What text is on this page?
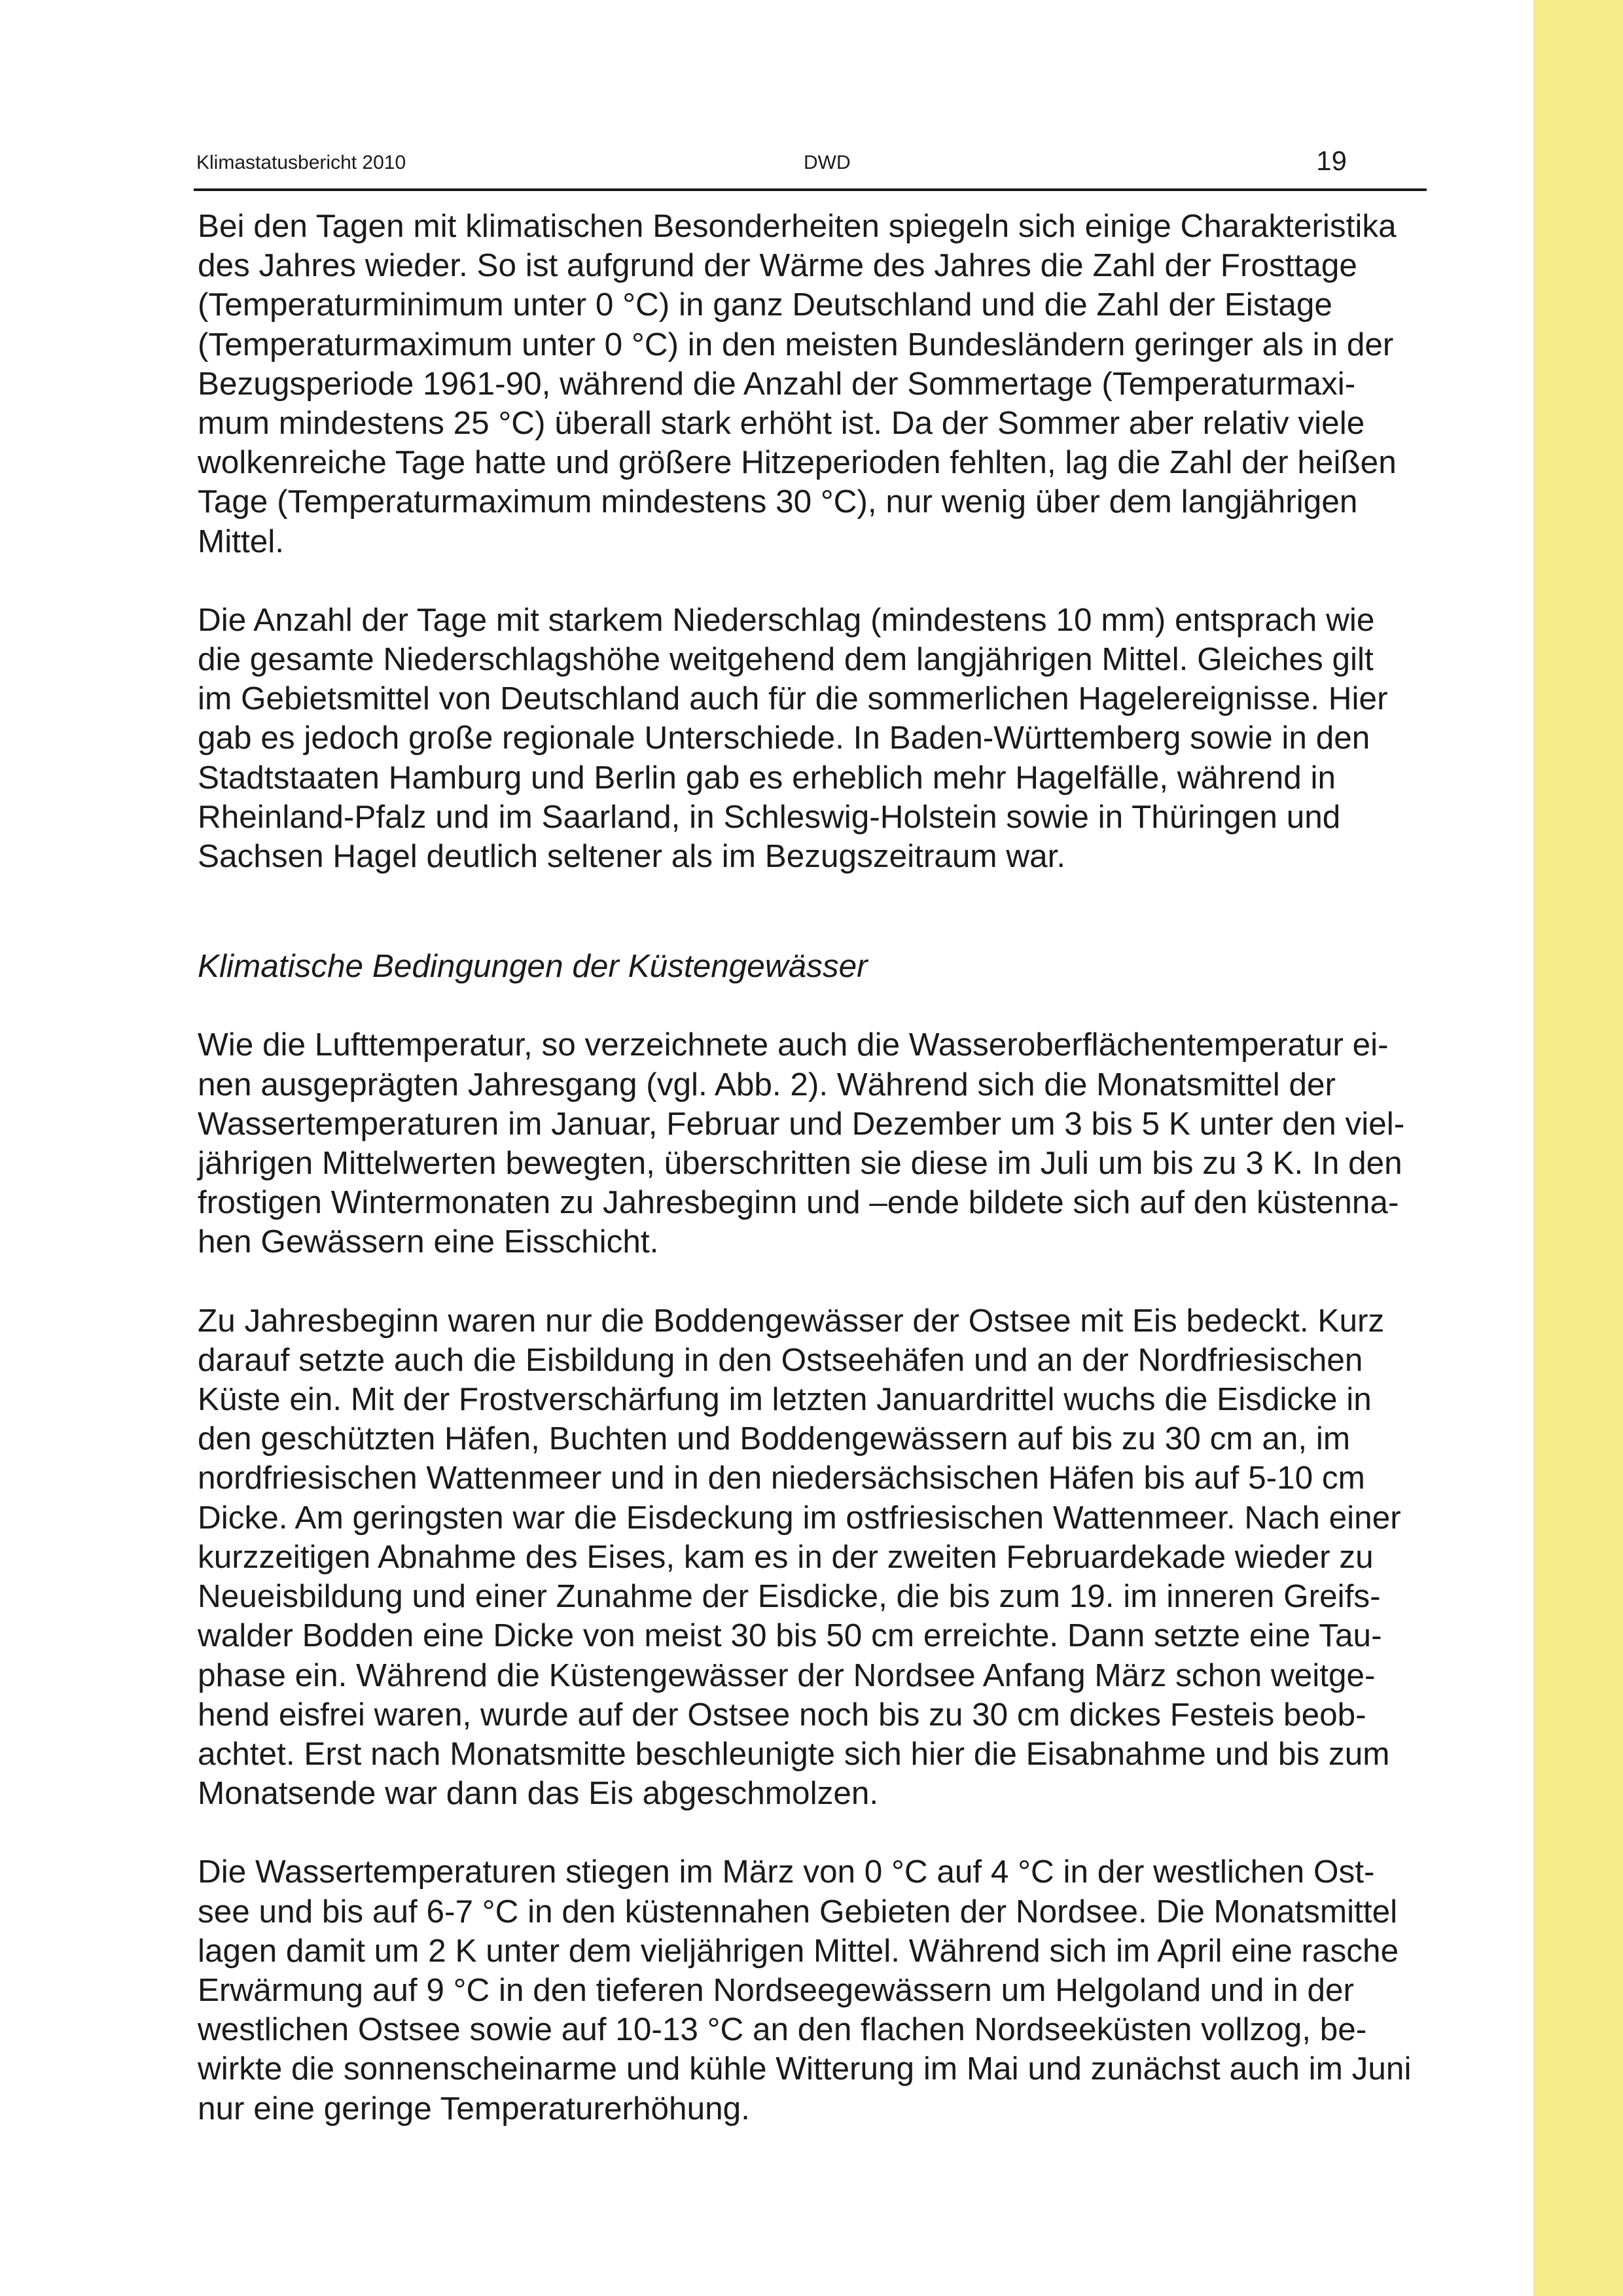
Klimastatusbericht 2010	DWD	19

Bei den Tagen mit klimatischen Besonderheiten spiegeln sich einige Charakteristika
des Jahres wieder. So ist aufgrund der Wärme des Jahres die Zahl der Frosttage
(Temperaturminimum unter 0 °C) in ganz Deutschland und die Zahl der Eistage
(Temperaturmaximum unter 0 °C) in den meisten Bundesländern geringer als in der
Bezugsperiode 1961-90, während die Anzahl der Sommertage (Temperaturmaxi-
mum mindestens 25 °C) überall stark erhöht ist. Da der Sommer aber relativ viele
wolkenreiche Tage hatte und größere Hitzeperioden fehlten, lag die Zahl der heißen
Tage (Temperaturmaximum mindestens 30 °C), nur wenig über dem langjährigen
Mittel.

Die Anzahl der Tage mit starkem Niederschlag (mindestens 10 mm) entsprach wie
die gesamte Niederschlagshöhe weitgehend dem langjährigen Mittel. Gleiches gilt
im Gebietsmittel von Deutschland auch für die sommerlichen Hagelereignisse. Hier
gab es jedoch große regionale Unterschiede. In Baden-Württemberg sowie in den
Stadtstaaten Hamburg und Berlin gab es erheblich mehr Hagelfälle, während in
Rheinland-Pfalz und im Saarland, in Schleswig-Holstein sowie in Thüringen und
Sachsen Hagel deutlich seltener als im Bezugszeitraum war.

Klimatische Bedingungen der Küstengewässer

Wie die Lufttemperatur, so verzeichnete auch die Wasseroberflächentemperatur ei-
nen ausgeprägten Jahresgang (vgl. Abb. 2). Während sich die Monatsmittel der
Wassertemperaturen im Januar, Februar und Dezember um 3 bis 5 K unter den viel-
jährigen Mittelwerten bewegten, überschritten sie diese im Juli um bis zu 3 K. In den
frostigen Wintermonaten zu Jahresbeginn und –ende bildete sich auf den küstenna-
hen Gewässern eine Eisschicht.

Zu Jahresbeginn waren nur die Boddengewässer der Ostsee mit Eis bedeckt. Kurz
darauf setzte auch die Eisbildung in den Ostseehäfen und an der Nordfriesischen
Küste ein. Mit der Frostverschärfung im letzten Januardrittel wuchs die Eisdicke in
den geschützten Häfen, Buchten und Boddengewässern auf bis zu 30 cm an, im
nordfriesischen Wattenmeer und in den niedersächsischen Häfen bis auf 5-10 cm
Dicke. Am geringsten war die Eisdeckung im ostfriesischen Wattenmeer. Nach einer
kurzzeitigen Abnahme des Eises, kam es in der zweiten Februardekade wieder zu
Neueisbildung und einer Zunahme der Eisdicke, die bis zum 19. im inneren Greifs-
walder Bodden eine Dicke von meist 30 bis 50 cm erreichte. Dann setzte eine Tau-
phase ein. Während die Küstengewässer der Nordsee Anfang März schon weitge-
hend eisfrei waren, wurde auf der Ostsee noch bis zu 30 cm dickes Festeis beob-
achtet. Erst nach Monatsmitte beschleunigte sich hier die Eisabnahme und bis zum
Monatsende war dann das Eis abgeschmolzen.

Die Wassertemperaturen stiegen im März von 0 °C auf 4 °C in der westlichen Ost-
see und bis auf 6-7 °C in den küstennahen Gebieten der Nordsee. Die Monatsmittel
lagen damit um 2 K unter dem vieljährigen Mittel. Während sich im April eine rasche
Erwärmung auf 9 °C in den tieferen Nordseegewässern um Helgoland und in der
westlichen Ostsee sowie auf 10-13 °C an den flachen Nordseeküsten vollzog, be-
wirkte die sonnenscheinarme und kühle Witterung im Mai und zunächst auch im Juni
nur eine geringe Temperaturerhöhung.
